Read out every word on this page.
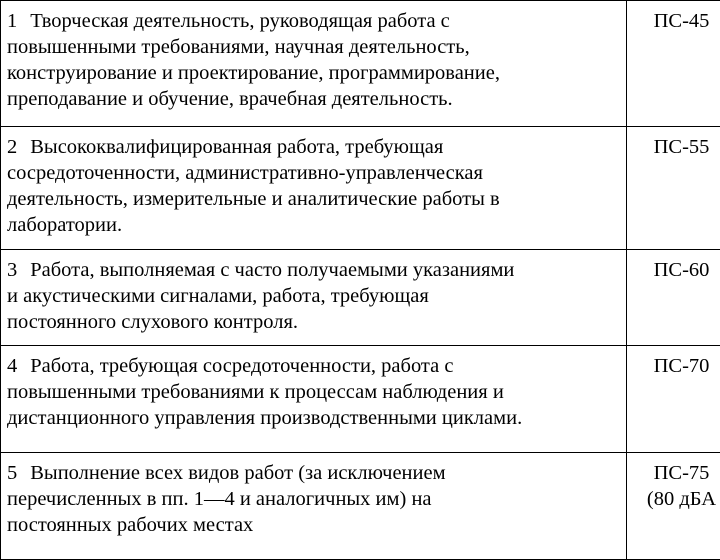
1 Творческая деятельность, руководящая работа с
повышенными требованиями, научная деятельность,
конструирование и проектирование, программирование,
преподавание и обучение, врачебная деятельность.	ПС-45

2 Высококвалифицированная работа, требующая
сосредоточенности, административно-управленческая
деятельность, измерительные и аналитические работы в
лаборатории.	ПС-55

3 Работа, выполняемая с часто получаемыми указаниями
и акустическими сигналами, работа, требующая
постоянного слухового контроля.	ПС-60

4 Работа, требующая сосредоточенности, работа с
повышенными требованиями к процессам наблюдения и
дистанционного управления производственными циклами.	ПС-70

5 Выполнение всех видов работ (за исключением
перечисленных в пп. 1—4 и аналогичных им) на
постоянных рабочих местах	ПС-75
(80 дБА
